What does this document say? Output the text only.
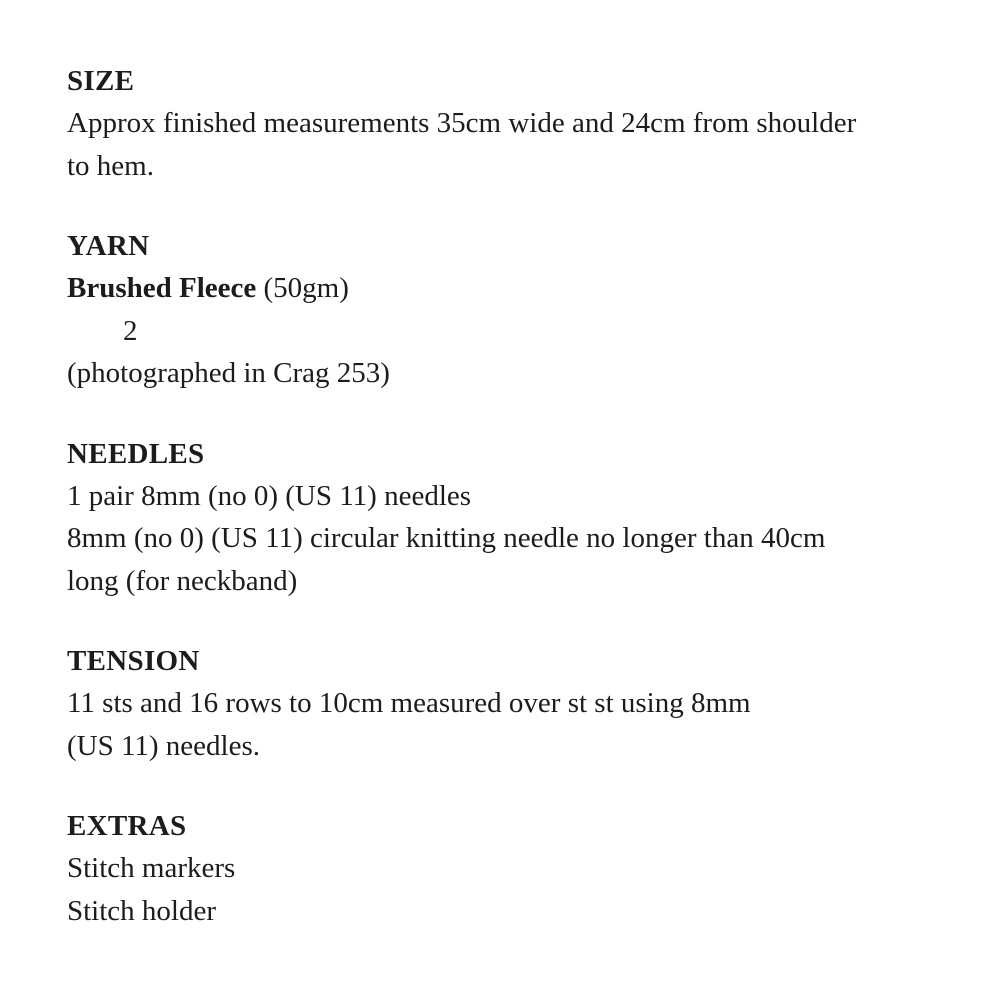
SIZE

Approx finished measurements 35cm wide and 24cm from shoulder

to hem.

YARN

Brushed Fleece (50gm)

2

(photographed in Crag 253)

NEEDLES

1 pair 8mm (no 0) (US 11) needles

8mm (no 0) (US 11) circular knitting needle no longer than 40cm

long (for neckband)

TENSION

11 sts and 16 rows to 10cm measured over st st using 8mm

(US 11) needles.

EXTRAS

Stitch markers

Stitch holder
